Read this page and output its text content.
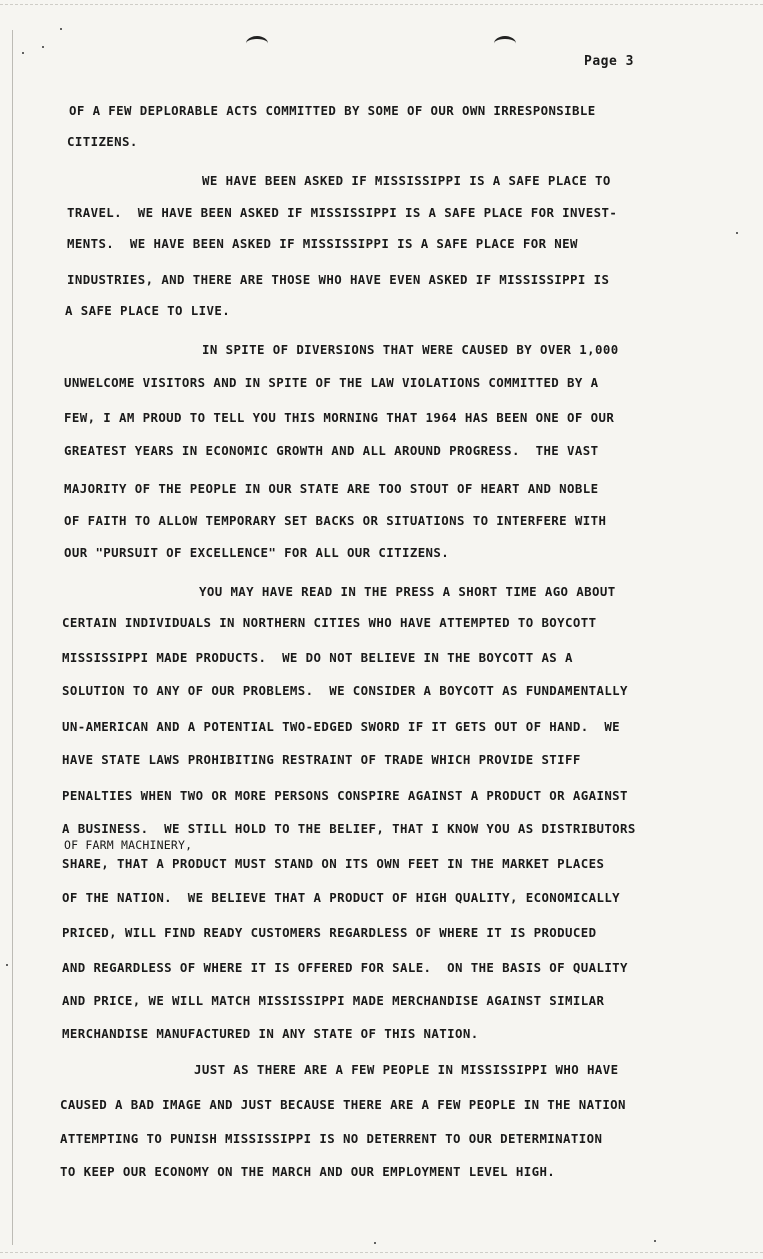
Page 3
OF A FEW DEPLORABLE ACTS COMMITTED BY SOME OF OUR OWN IRRESPONSIBLE
CITIZENS.
WE HAVE BEEN ASKED IF MISSISSIPPI IS A SAFE PLACE TO
TRAVEL.  WE HAVE BEEN ASKED IF MISSISSIPPI IS A SAFE PLACE FOR INVEST-
MENTS.  WE HAVE BEEN ASKED IF MISSISSIPPI IS A SAFE PLACE FOR NEW
INDUSTRIES, AND THERE ARE THOSE WHO HAVE EVEN ASKED IF MISSISSIPPI IS
A SAFE PLACE TO LIVE.
IN SPITE OF DIVERSIONS THAT WERE CAUSED BY OVER 1,000
UNWELCOME VISITORS AND IN SPITE OF THE LAW VIOLATIONS COMMITTED BY A
FEW, I AM PROUD TO TELL YOU THIS MORNING THAT 1964 HAS BEEN ONE OF OUR
GREATEST YEARS IN ECONOMIC GROWTH AND ALL AROUND PROGRESS.  THE VAST
MAJORITY OF THE PEOPLE IN OUR STATE ARE TOO STOUT OF HEART AND NOBLE
OF FAITH TO ALLOW TEMPORARY SET BACKS OR SITUATIONS TO INTERFERE WITH
OUR "PURSUIT OF EXCELLENCE" FOR ALL OUR CITIZENS.
YOU MAY HAVE READ IN THE PRESS A SHORT TIME AGO ABOUT
CERTAIN INDIVIDUALS IN NORTHERN CITIES WHO HAVE ATTEMPTED TO BOYCOTT
MISSISSIPPI MADE PRODUCTS.  WE DO NOT BELIEVE IN THE BOYCOTT AS A
SOLUTION TO ANY OF OUR PROBLEMS.  WE CONSIDER A BOYCOTT AS FUNDAMENTALLY
UN-AMERICAN AND A POTENTIAL TWO-EDGED SWORD IF IT GETS OUT OF HAND.  WE
HAVE STATE LAWS PROHIBITING RESTRAINT OF TRADE WHICH PROVIDE STIFF
PENALTIES WHEN TWO OR MORE PERSONS CONSPIRE AGAINST A PRODUCT OR AGAINST
A BUSINESS.  WE STILL HOLD TO THE BELIEF, THAT I KNOW YOU AS DISTRIBUTORS
OF FARM MACHINERY,
SHARE, THAT A PRODUCT MUST STAND ON ITS OWN FEET IN THE MARKET PLACES
OF THE NATION.  WE BELIEVE THAT A PRODUCT OF HIGH QUALITY, ECONOMICALLY
PRICED, WILL FIND READY CUSTOMERS REGARDLESS OF WHERE IT IS PRODUCED
AND REGARDLESS OF WHERE IT IS OFFERED FOR SALE.  ON THE BASIS OF QUALITY
AND PRICE, WE WILL MATCH MISSISSIPPI MADE MERCHANDISE AGAINST SIMILAR
MERCHANDISE MANUFACTURED IN ANY STATE OF THIS NATION.
JUST AS THERE ARE A FEW PEOPLE IN MISSISSIPPI WHO HAVE
CAUSED A BAD IMAGE AND JUST BECAUSE THERE ARE A FEW PEOPLE IN THE NATION
ATTEMPTING TO PUNISH MISSISSIPPI IS NO DETERRENT TO OUR DETERMINATION
TO KEEP OUR ECONOMY ON THE MARCH AND OUR EMPLOYMENT LEVEL HIGH.
